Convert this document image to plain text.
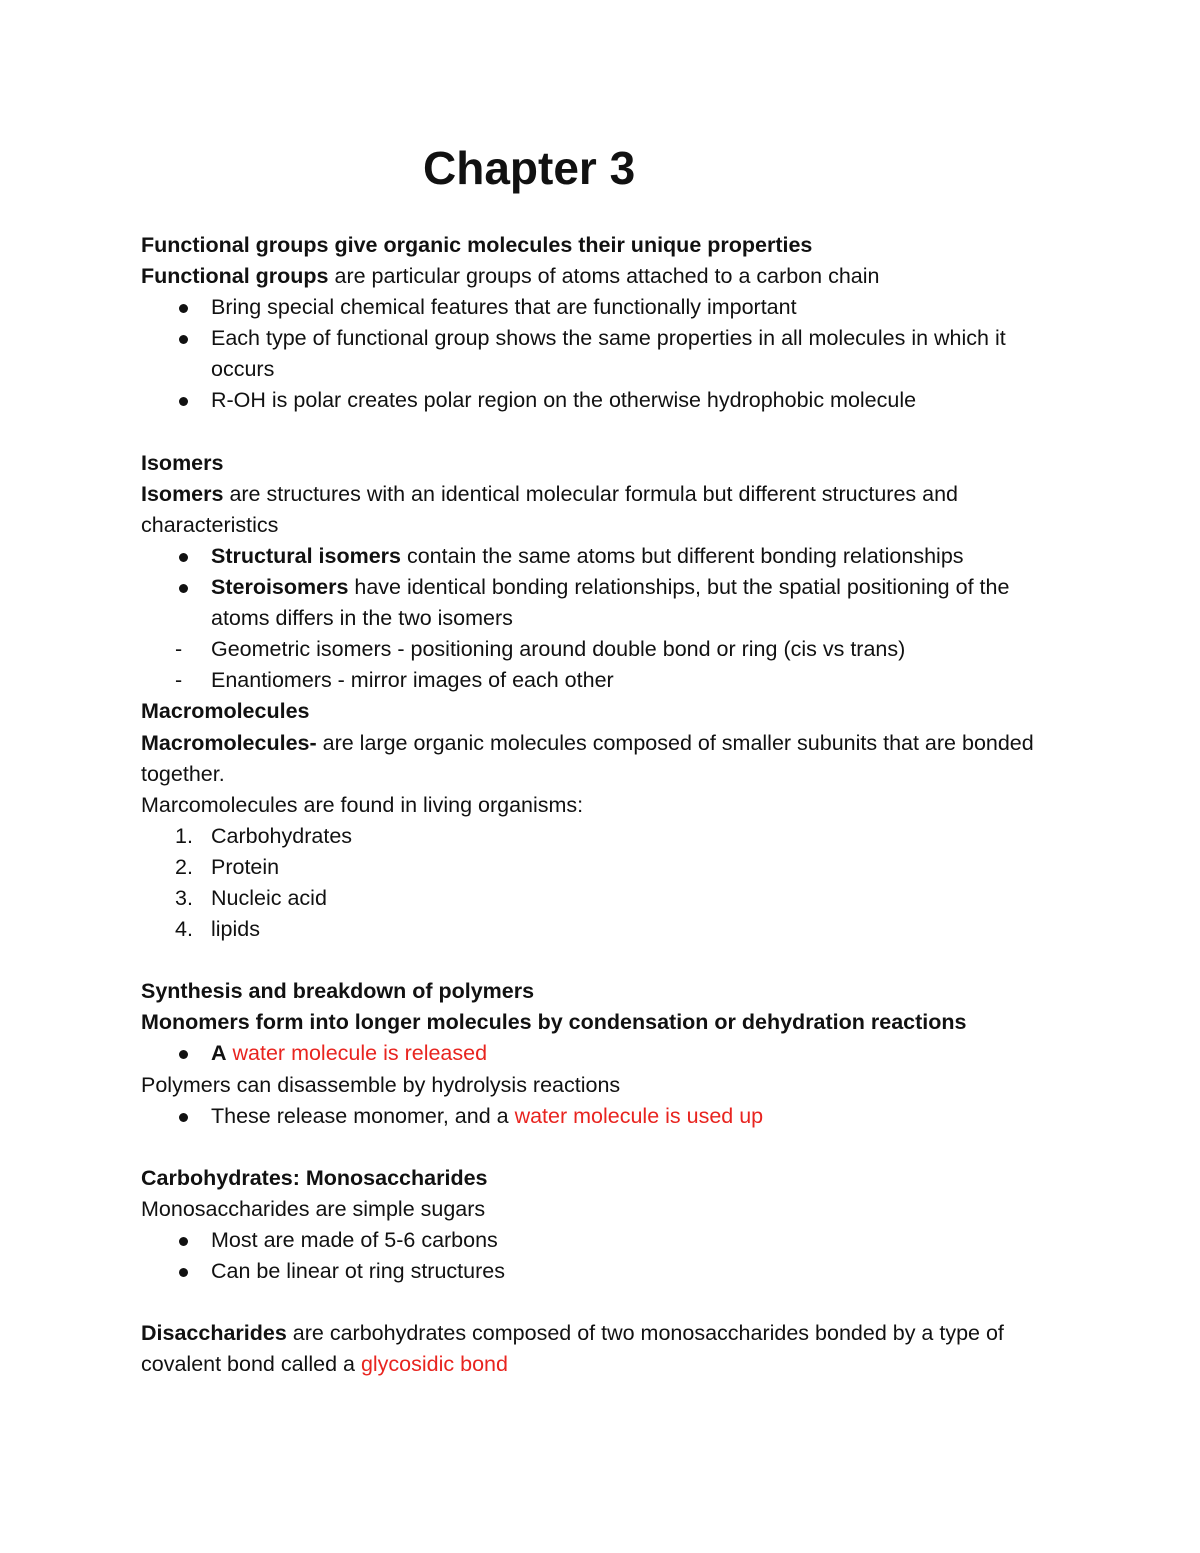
Chapter 3

Functional groups give organic molecules their unique properties

Functional groups are particular groups of atoms attached to a carbon chain

Bring special chemical features that are functionally important
Each type of functional group shows the same properties in all molecules in which it occurs
R-OH is polar creates polar region on the otherwise hydrophobic molecule

Isomers

Isomers are structures with an identical molecular formula but different structures and characteristics

Structural isomers contain the same atoms but different bonding relationships
Steroisomers have identical bonding relationships, but the spatial positioning of the atoms differs in the two isomers
- Geometric isomers - positioning around double bond or ring (cis vs trans)
- Enantiomers - mirror images of each other

Macromolecules

Macromolecules- are large organic molecules composed of smaller subunits that are bonded together.

Marcomolecules are found in living organisms:

1. Carbohydrates
2. Protein
3. Nucleic acid
4. lipids

Synthesis and breakdown of polymers

Monomers form into longer molecules by condensation or dehydration reactions

A water molecule is released

Polymers can disassemble by hydrolysis reactions

These release monomer, and a water molecule is used up

Carbohydrates: Monosaccharides

Monosaccharides are simple sugars

Most are made of 5-6 carbons
Can be linear ot ring structures

Disaccharides are carbohydrates composed of two monosaccharides bonded by a type of covalent bond called a glycosidic bond
